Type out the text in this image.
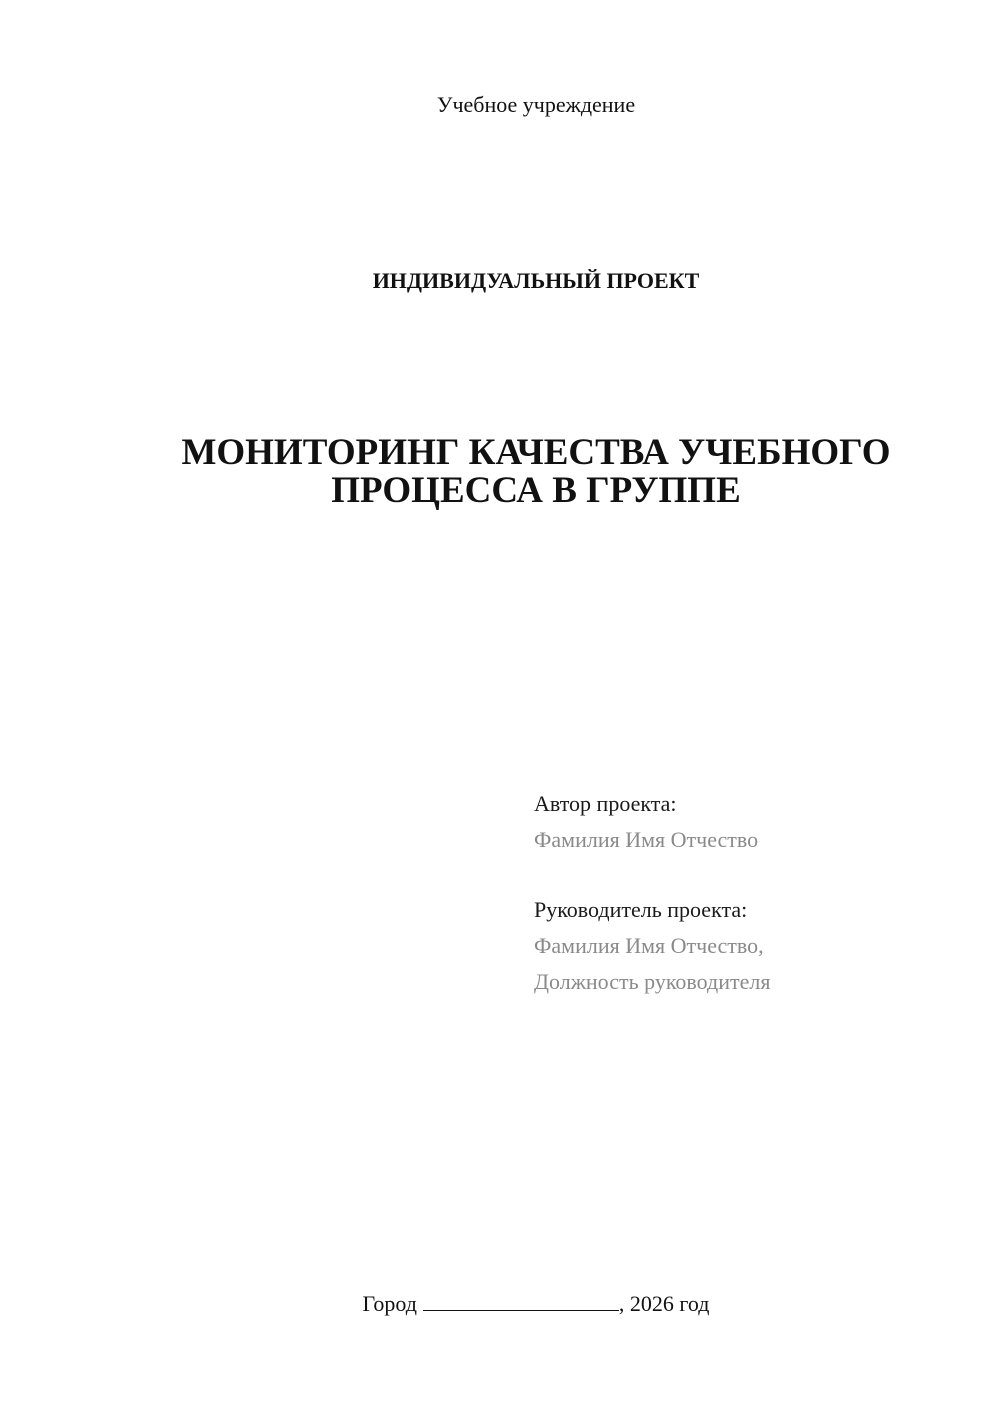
Учебное учреждение
ИНДИВИДУАЛЬНЫЙ ПРОЕКТ
МОНИТОРИНГ КАЧЕСТВА УЧЕБНОГО
ПРОЦЕССА В ГРУППЕ
Автор проекта:
Фамилия Имя Отчество
Руководитель проекта:
Фамилия Имя Отчество,
Должность руководителя
Город	, 2026 год
